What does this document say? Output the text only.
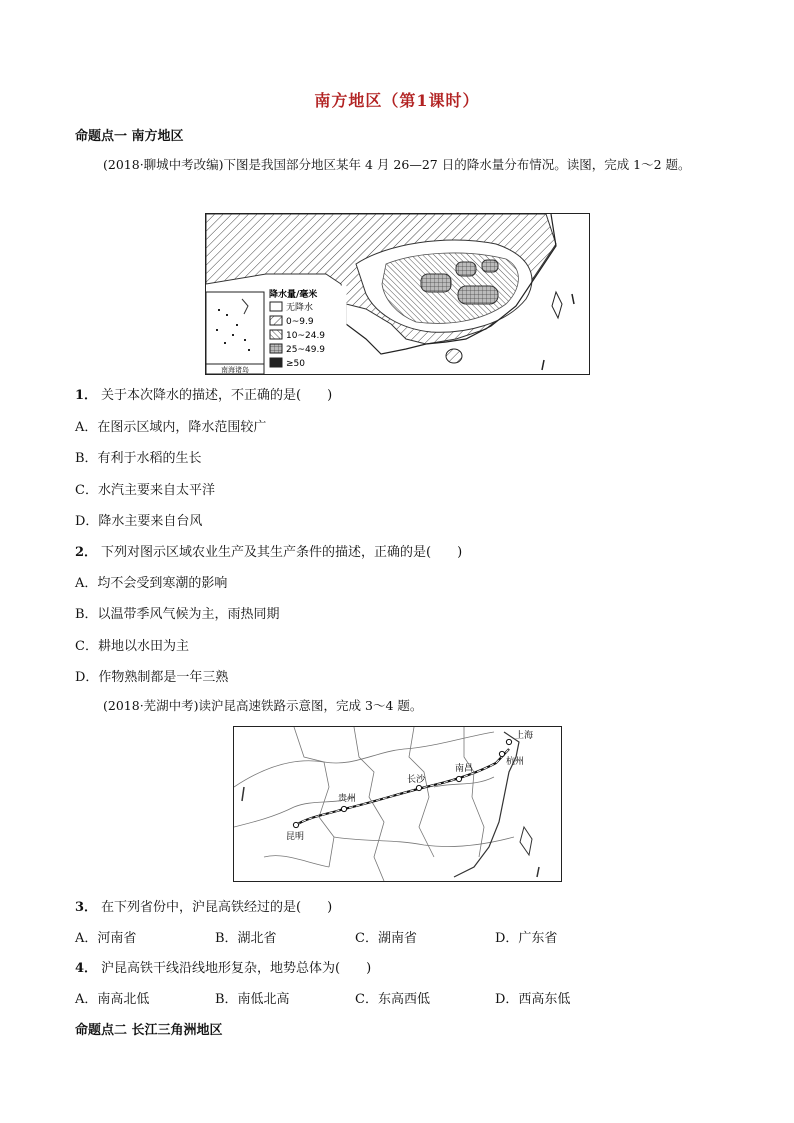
南方地区（第1课时）
命题点一 南方地区
(2018·聊城中考改编)下图是我国部分地区某年 4 月 26—27 日的降水量分布情况。读图，完成 1～2 题。
南海诸岛
降水量/毫米
无降水
0~9.9
10~24.9
25~49.9
≥50
1． 关于本次降水的描述，不正确的是(　　)
A．在图示区域内，降水范围较广
B．有利于水稻的生长
C．水汽主要来自太平洋
D．降水主要来自台风
2． 下列对图示区域农业生产及其生产条件的描述，正确的是(　　)
A．均不会受到寒潮的影响
B．以温带季风气候为主，雨热同期
C．耕地以水田为主
D．作物熟制都是一年三熟
(2018·芜湖中考)读沪昆高速铁路示意图，完成 3～4 题。
上海
杭州
南昌
长沙
贵州
昆明
3． 在下列省份中，沪昆高铁经过的是(　　)
A．河南省	B．湖北省	C．湖南省	D．广东省
4． 沪昆高铁干线沿线地形复杂，地势总体为(　　)
A．南高北低	B．南低北高	C．东高西低	D．西高东低
命题点二 长江三角洲地区
